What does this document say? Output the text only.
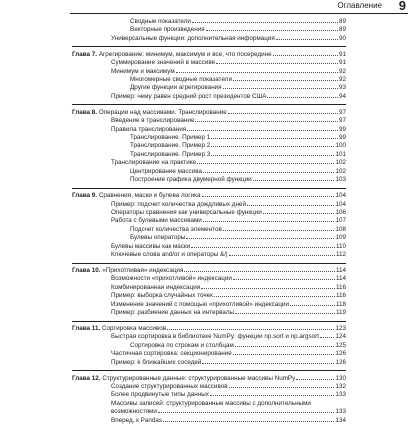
Оглавление 9
Сводные показатели	89
Векторные произведения	89
Универсальные функции: дополнительная информация	90
Глава 7. Агрегирование: минимум, максимум и все, что посередине	91
Суммирование значений в массиве	91
Минимум и максимум	92
Многомерные сводные показатели	92
Другие функции агрегирования	93
Пример: чему равен средний рост президентов США	94
Глава 8. Операции над массивами. Транслирование	97
Введение в транслирование	97
Правила транслирования	99
Транслирование. Пример 1	99
Транслирование. Пример 2	100
Транслирование. Пример 3	101
Транслирование на практике	102
Центрирование массива	102
Построение графика двумерной функции	103
Глава 9. Сравнения, маски и булева логика	104
Пример: подсчет количества дождливых дней	104
Операторы сравнения как универсальные функции	106
Работа с булевыми массивами	107
Подсчет количества элементов	108
Булевы операторы	109
Булевы массивы как маски	110
Ключевые слова and/or и операторы &/|	112
Глава 10. «Прихотливая» индексация	114
Возможности «прихотливой» индексации	114
Комбинированная индексация	116
Пример: выборка случайных точек	116
Изменение значений с помощью «прихотливой» индексации	118
Пример: разбиение данных на интервалы	119
Глава 11. Сортировка массивов	123
Быстрая сортировка в библиотеке NumPy: функции np.sort и np.argsort	124
Сортировка по строкам и столбцам	125
Частичная сортировка: секционирование	126
Пример: k ближайших соседей	126
Глава 12. Структурированные данные: структурированные массивы NumPy	130
Создание структурированных массивов	132
Более продвинутые типы данных	133
Массивы записей: структурированные массивы с дополнительными
возможностями	133
Вперед, к Pandas	134
